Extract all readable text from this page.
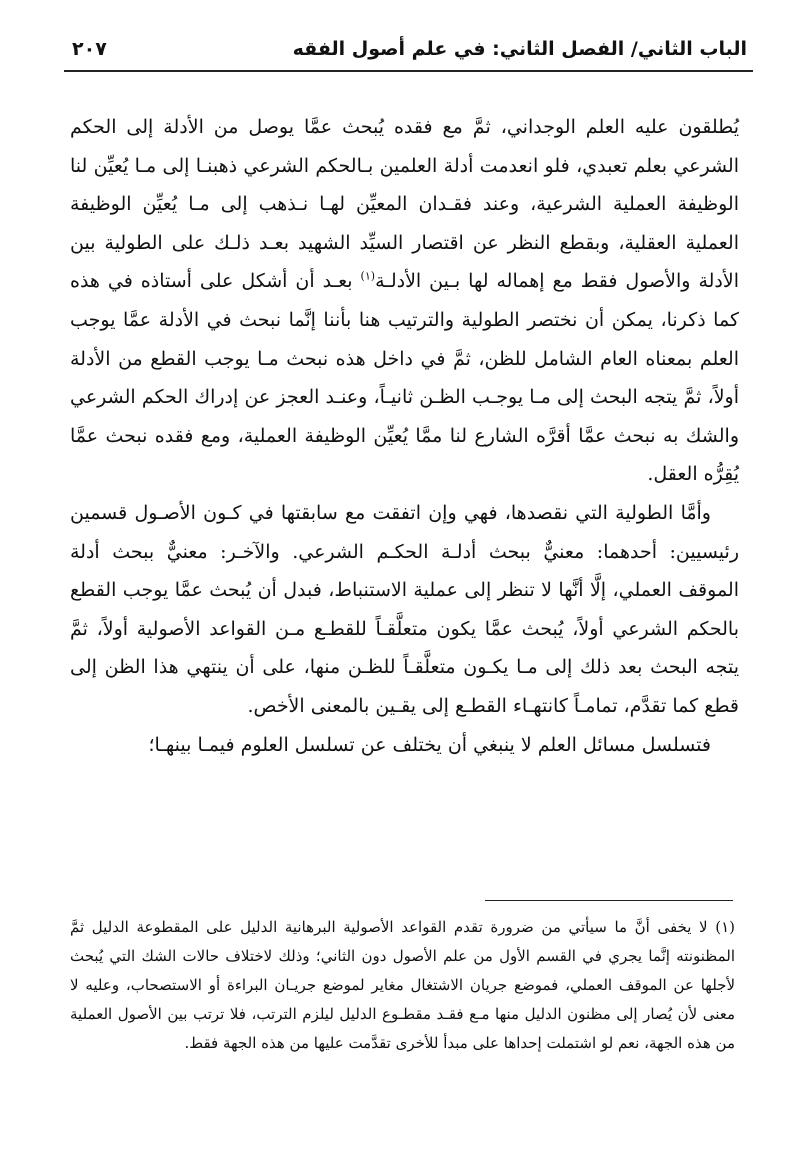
الباب الثاني/ الفصل الثاني: في علم أصول الفقه
٢٠٧

يُطلقون عليه العلم الوجداني، ثمَّ مع فقده يُبحث عمَّا يوصل من الأدلة إلى الحكم الشرعي بعلم تعبدي، فلو انعدمت أدلة العلمين بـالحكم الشرعي ذهبنـا إلى مـا يُعيِّن لنا الوظيفة العملية الشرعية، وعند فقـدان المعيِّن لهـا نـذهب إلى مـا يُعيِّن الوظيفة العملية العقلية، وبقطع النظر عن اقتصار السيِّد الشهيد بعـد ذلـك على الطولية بين الأدلة والأصول فقط مع إهماله لها بـين الأدلـة$^{(١)}$ بعـد أن أشكل على أستاذه في هذه كما ذكرنا، يمكن أن نختصر الطولية والترتيب هنا بأننا إنَّما نبحث في الأدلة عمَّا يوجب العلم بمعناه العام الشامل للظن، ثمَّ في داخل هذه نبحث مـا يوجب القطع من الأدلة أولاً، ثمَّ يتجه البحث إلى مـا يوجـب الظـن ثانيـاً، وعنـد العجز عن إدراك الحكم الشرعي والشك به نبحث عمَّا أقرَّه الشارع لنا ممَّا يُعيِّن الوظيفة العملية، ومع فقده نبحث عمَّا يُقِرُّه العقل.

وأمَّا الطولية التي نقصدها، فهي وإن اتفقت مع سابقتها في كـون الأصـول قسمين رئيسيين: أحدهما: معنيٌّ ببحث أدلـة الحكـم الشرعي. والآخـر: معنيٌّ ببحث أدلة الموقف العملي، إلَّا أنَّها لا تنظر إلى عملية الاستنباط، فبدل أن يُبحث عمَّا يوجب القطع بالحكم الشرعي أولاً، يُبحث عمَّا يكون متعلَّقـاً للقطـع مـن القواعد الأصولية أولاً، ثمَّ يتجه البحث بعد ذلك إلى مـا يكـون متعلَّقـاً للظـن منها، على أن ينتهي هذا الظن إلى قطع كما تقدَّم، تمامـاً كانتهـاء القطـع إلى يقـين بالمعنى الأخص.

فتسلسل مسائل العلم لا ينبغي أن يختلف عن تسلسل العلوم فيمـا بينهـا؛

(١) لا يخفى أنَّ ما سيأتي من ضرورة تقدم القواعد الأصولية البرهانية الدليل على المقطوعة الدليل ثمَّ المظنونته إنَّما يجري في القسم الأول من علم الأصول دون الثاني؛ وذلك لاختلاف حالات الشك التي يُبحث لأجلها عن الموقف العملي، فموضع جريان الاشتغال مغاير لموضع جريـان البراءة أو الاستصحاب، وعليه لا معنى لأن يُصار إلى مظنون الدليل منها مـع فقـد مقطـوع الدليل ليلزم الترتب، فلا ترتب بين الأصول العملية من هذه الجهة، نعم لو اشتملت إحداها على مبدأ للأخرى تقدَّمت عليها من هذه الجهة فقط.
